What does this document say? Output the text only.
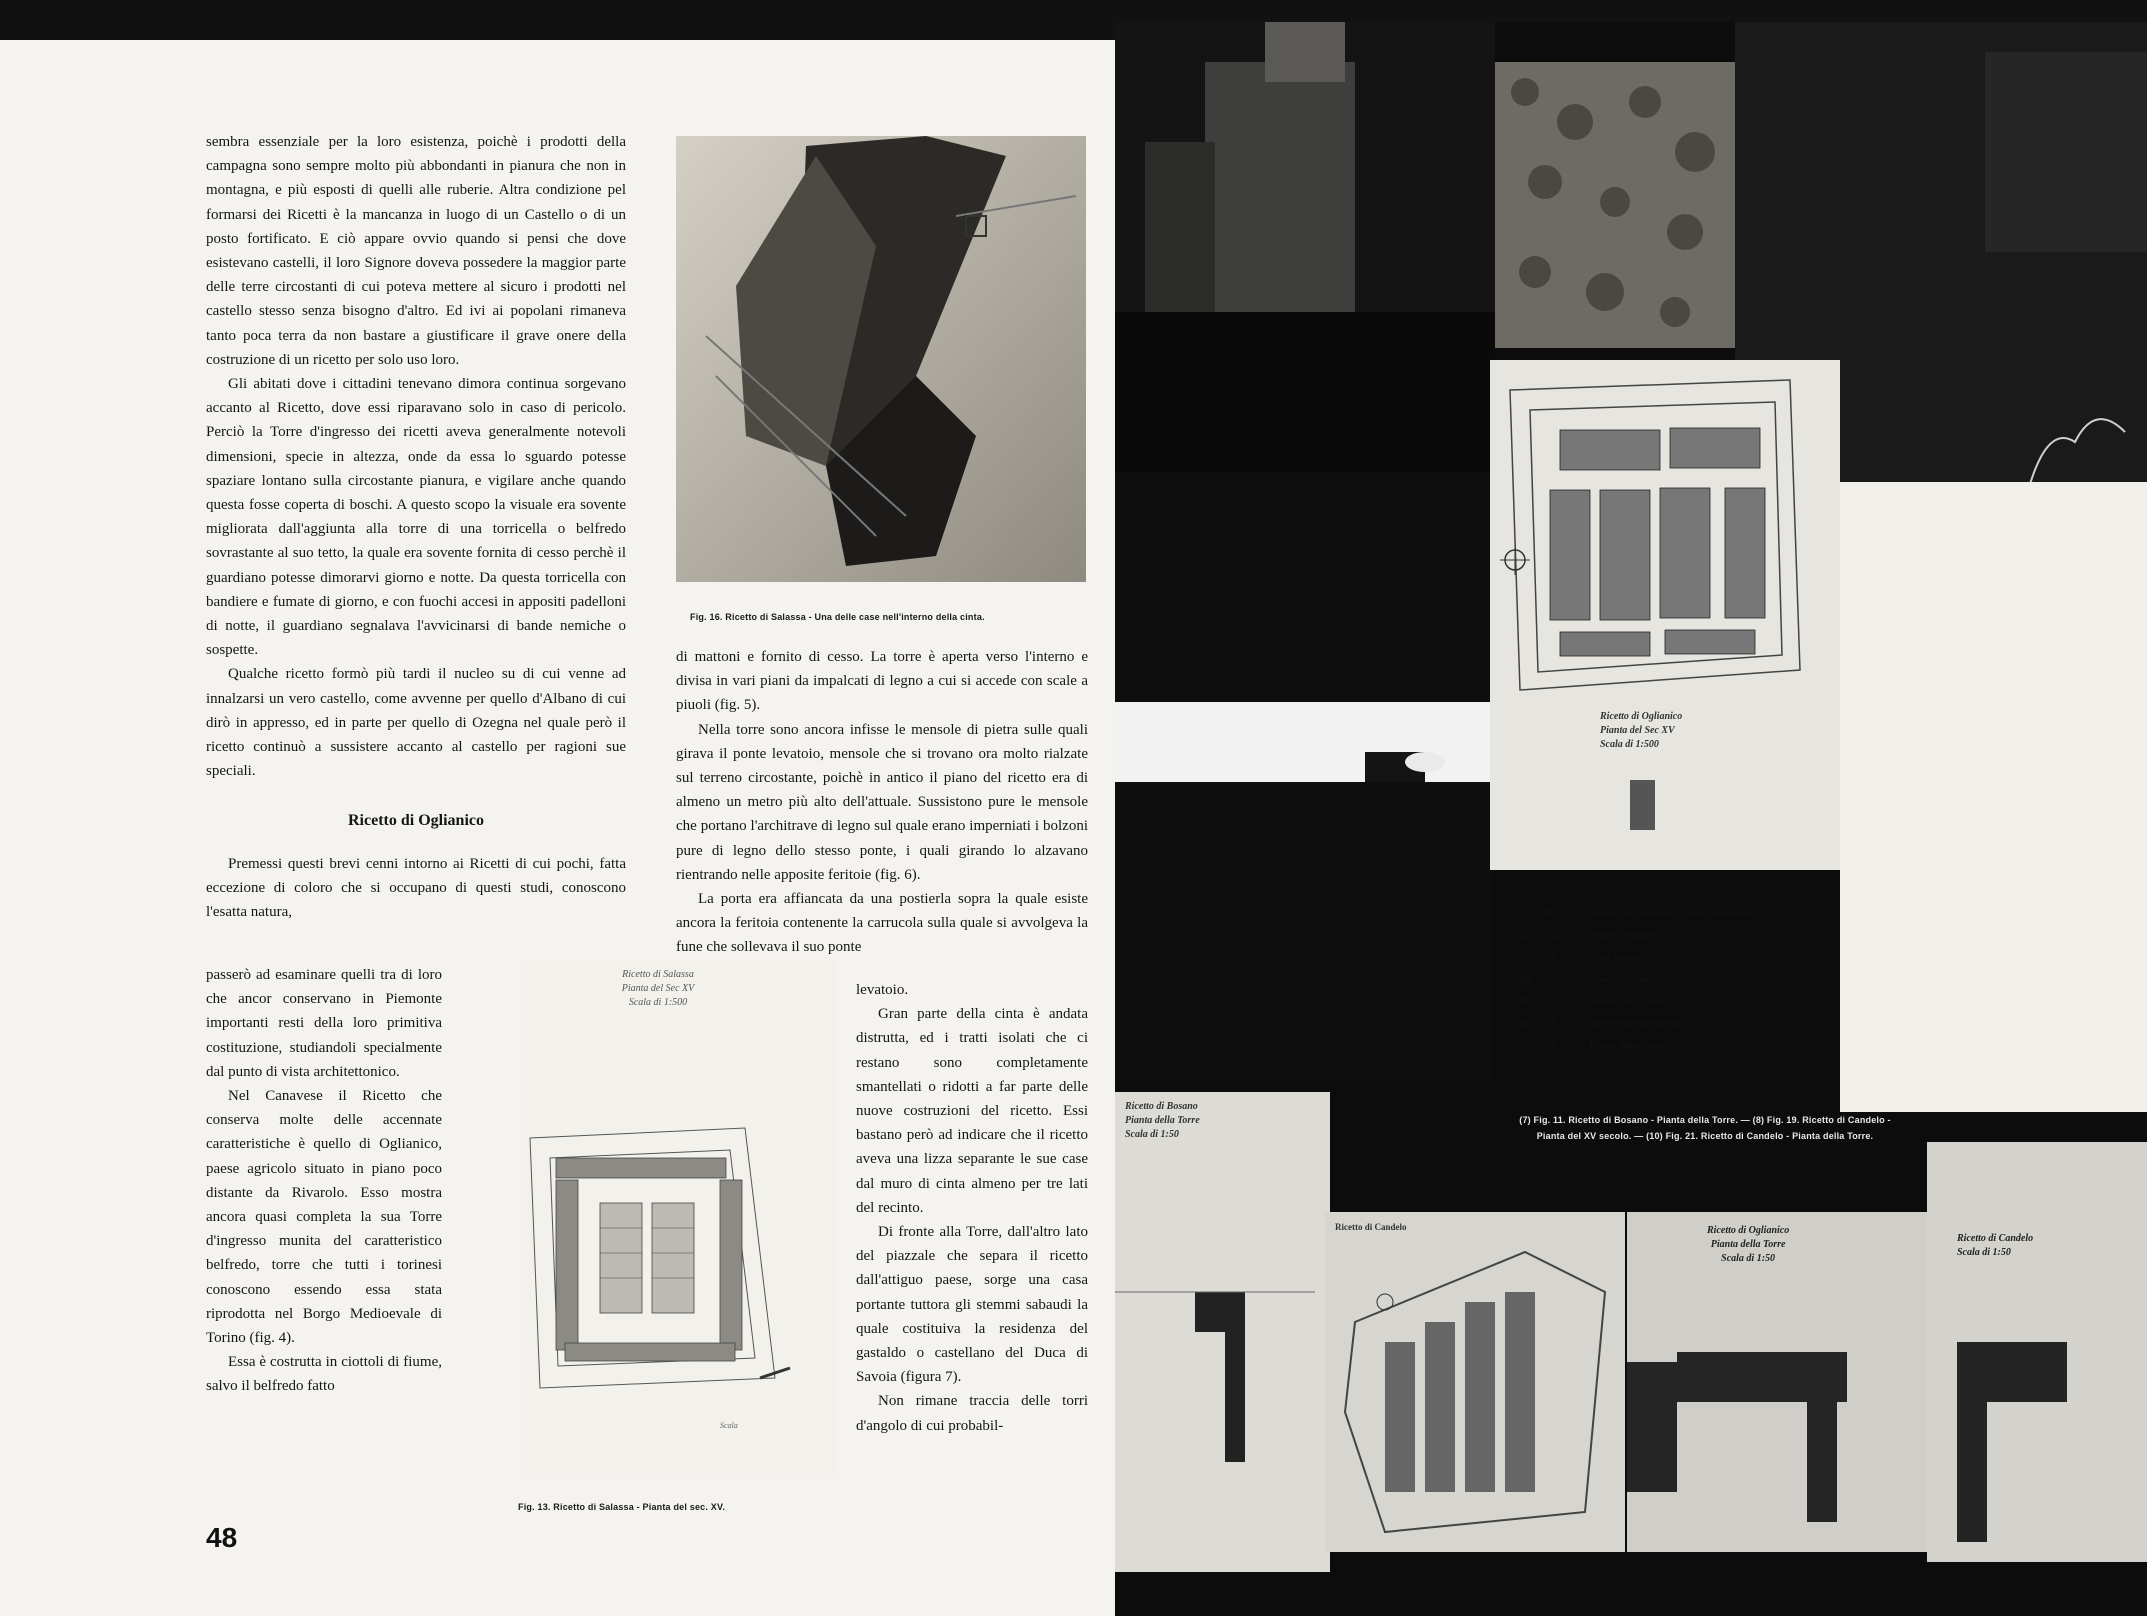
sembra essenziale per la loro esistenza, poichè i prodotti della campagna sono sempre molto più abbondanti in pianura che non in montagna, e più esposti di quelli alle ruberie. Altra condizione pel formarsi dei Ricetti è la mancanza in luogo di un Castello o di un posto fortificato. E ciò appare ovvio quando si pensi che dove esistevano castelli, il loro Signore doveva possedere la maggior parte delle terre circostanti di cui poteva mettere al sicuro i prodotti nel castello stesso senza bisogno d'altro. Ed ivi ai popolani rimaneva tanto poca terra da non bastare a giustificare il grave onere della costruzione di un ricetto per solo uso loro.

Gli abitati dove i cittadini tenevano dimora continua sorgevano accanto al Ricetto, dove essi riparavano solo in caso di pericolo. Perciò la Torre d'ingresso dei ricetti aveva generalmente notevoli dimensioni, specie in altezza, onde da essa lo sguardo potesse spaziare lontano sulla circostante pianura, e vigilare anche quando questa fosse coperta di boschi. A questo scopo la visuale era sovente migliorata dall'aggiunta alla torre di una torricella o belfredo sovrastante al suo tetto, la quale era sovente fornita di cesso perchè il guardiano potesse dimorarvi giorno e notte. Da questa torricella con bandiere e fumate di giorno, e con fuochi accesi in appositi padelloni di notte, il guardiano segnalava l'avvicinarsi di bande nemiche o sospette.

Qualche ricetto formò più tardi il nucleo su di cui venne ad innalzarsi un vero castello, come avvenne per quello d'Albano di cui dirò in appresso, ed in parte per quello di Ozegna nel quale però il ricetto continuò a sussistere accanto al castello per ragioni sue speciali.

Ricetto di Oglianico

Premessi questi brevi cenni intorno ai Ricetti di cui pochi, fatta eccezione di coloro che si occupano di questi studi, conoscono l'esatta natura,

passerò ad esaminare quelli tra di loro che ancor conservano in Piemonte importanti resti della loro primitiva costituzione, studiandoli specialmente dal punto di vista architettonico.

Nel Canavese il Ricetto che conserva molte delle accennate caratteristiche è quello di Oglianico, paese agricolo situato in piano poco distante da Rivarolo. Esso mostra ancora quasi completa la sua Torre d'ingresso munita del caratteristico belfredo, torre che tutti i torinesi conoscono essendo essa stata riprodotta nel Borgo Medioevale di Torino (fig. 4).

Essa è costrutta in ciottoli di fiume, salvo il belfredo fatto

Fig. 16. Ricetto di Salassa - Una delle case nell'interno della cinta.

di mattoni e fornito di cesso. La torre è aperta verso l'interno e divisa in vari piani da impalcati di legno a cui si accede con scale a piuoli (fig. 5).

Nella torre sono ancora infisse le mensole di pietra sulle quali girava il ponte levatoio, mensole che si trovano ora molto rialzate sul terreno circostante, poichè in antico il piano del ricetto era di almeno un metro più alto dell'attuale. Sussistono pure le mensole che portano l'architrave di legno sul quale erano imperniati i bolzoni pure di legno dello stesso ponte, i quali girando lo alzavano rientrando nelle apposite feritoie (fig. 6).

La porta era affiancata da una postierla sopra la quale esiste ancora la feritoia contenente la carrucola sulla quale si avvolgeva la fune che sollevava il suo ponte

levatoio.

Gran parte della cinta è andata distrutta, ed i tratti isolati che ci restano sono completamente smantellati o ridotti a far parte delle nuove costruzioni del ricetto. Essi bastano però ad indicare che il ricetto aveva una lizza separante le sue case dal muro di cinta almeno per tre lati del recinto.

Di fronte alla Torre, dall'altro lato del piazzale che separa il ricetto dall'attiguo paese, sorge una casa portante tuttora gli stemmi sabaudi la quale costituiva la residenza del gastaldo o castellano del Duca di Savoia (figura 7).

Non rimane traccia delle torri d'angolo di cui probabil-

Ricetto di Salassa
Pianta del Sec XV
Scala di 1:500
Scala
Fig. 13. Ricetto di Salassa - Pianta del sec. XV.
48
Ricetto di Oglianico
Pianta del Sec XV
Scala di 1:500
(1)	Fig. 4.	Ricetto di Oglianico - Torre d'ingresso.
(2)	» 10.	Mura di ciottoli.
(3)	» 9.	Casa tipica.
(4)	» 7.	Casa castellana.
(5)	» 8.	Pianta del XV sec.
(6)	» 5.	Torre vista dall'interno.
(7)	» 6.	Pianta della Torre.
(7) Fig. 11. Ricetto di Bosano - Pianta della Torre. — (8) Fig. 19. Ricetto di Candelo -
Pianta del XV secolo. — (10) Fig. 21. Ricetto di Candelo - Pianta della Torre.
Ricetto di Bosano
Pianta della Torre
Scala di 1:50
Ricetto di Candelo	Ricetto di Oglianico
Pianta della Torre
Scala di 1:50
Ricetto di Candelo
Scala di 1:50
